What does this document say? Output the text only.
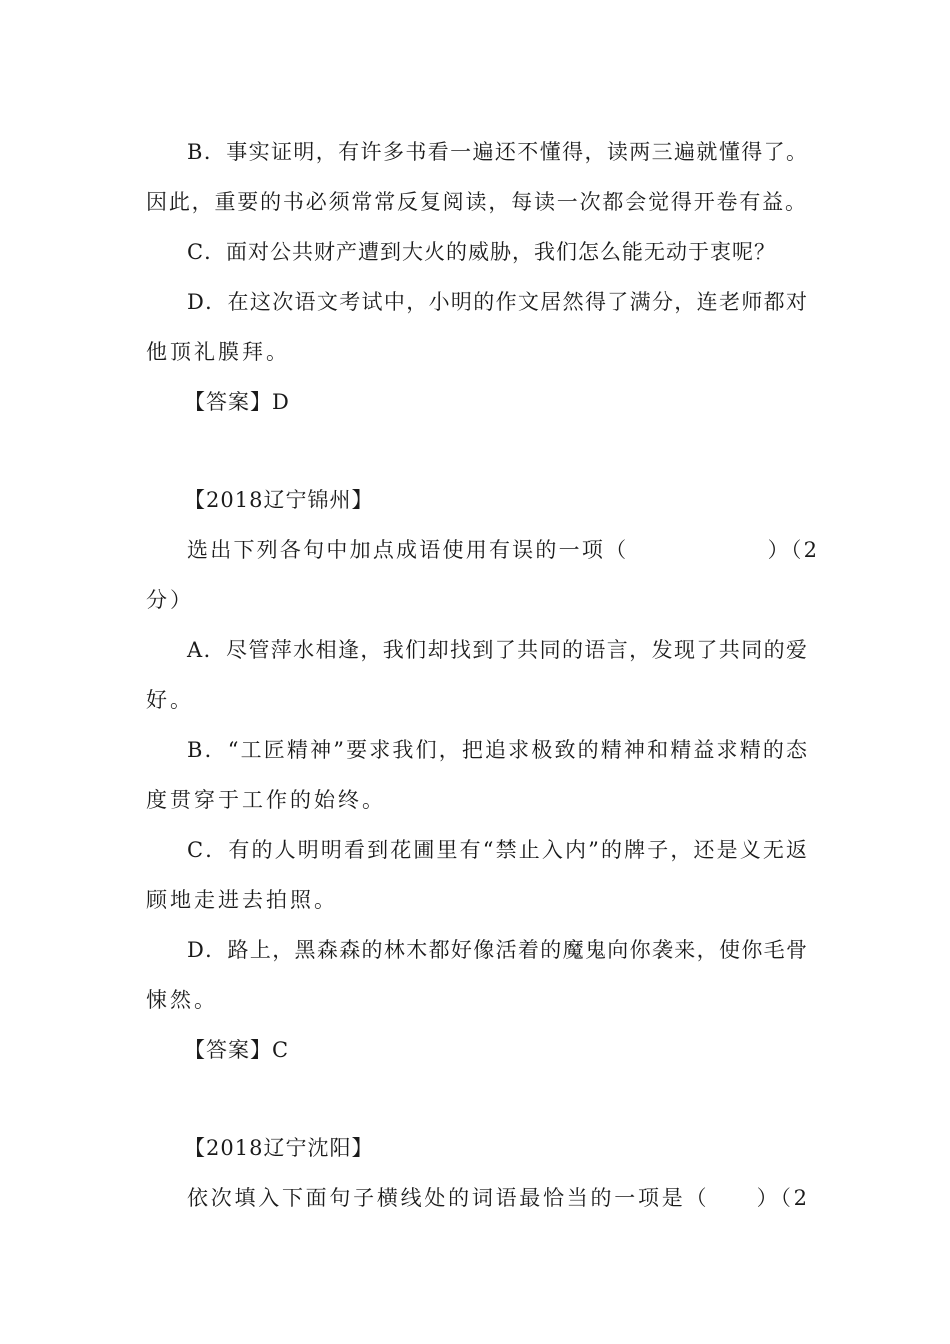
B．事实证明，有许多书看一遍还不懂得，读两三遍就懂得了。
因此，重要的书必须常常反复阅读，每读一次都会觉得开卷有益。
C．面对公共财产遭到大火的威胁，我们怎么能无动于衷呢？
D．在这次语文考试中，小明的作文居然得了满分，连老师都对
他顶礼膜拜。
【答案】D
【2018辽宁锦州】
选出下列各句中加点成语使用有误的一项（　　　　　　）（2
分）
A．尽管萍水相逢，我们却找到了共同的语言，发现了共同的爱
好。
B．“工匠精神”要求我们，把追求极致的精神和精益求精的态
度贯穿于工作的始终。
C．有的人明明看到花圃里有“禁止入内”的牌子，还是义无返
顾地走进去拍照。
D．路上，黑森森的林木都好像活着的魔鬼向你袭来，使你毛骨
悚然。
【答案】C
【2018辽宁沈阳】
依次填入下面句子横线处的词语最恰当的一项是（　　）（2
